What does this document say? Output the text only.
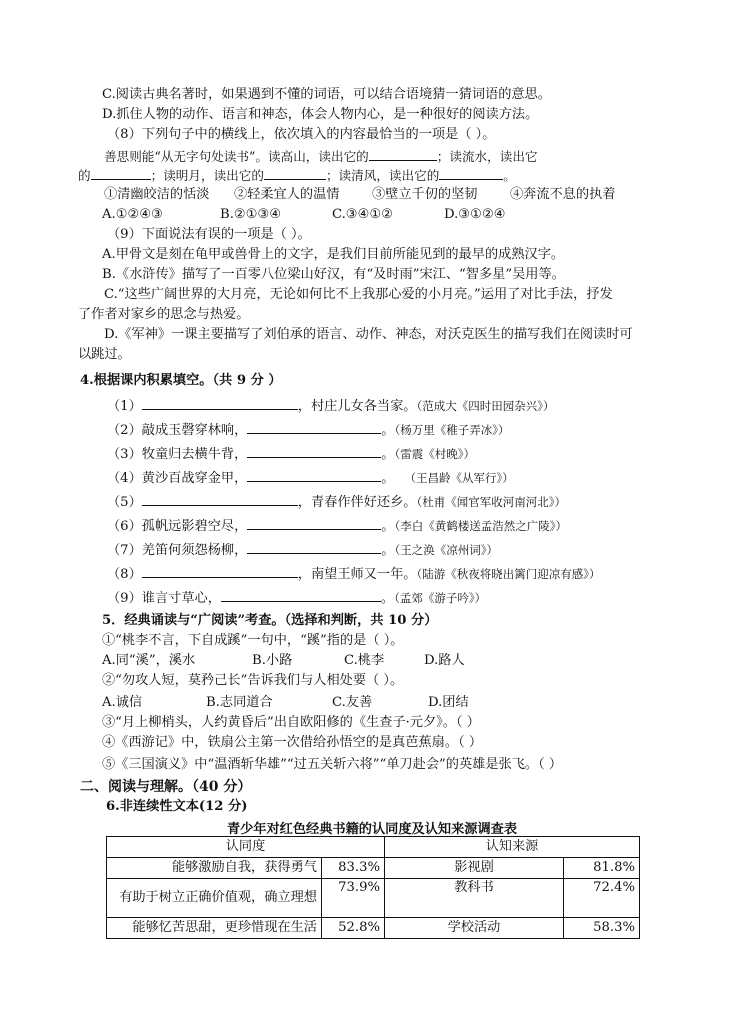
C.阅读古典名著时，如果遇到不懂的词语，可以结合语境猜一猜词语的意思。
D.抓住人物的动作、语言和神态，体会人物内心，是一种很好的阅读方法。
（8）下列句子中的横线上，依次填入的内容最恰当的一项是（ ）。
善思则能“从无字句处读书”。读高山，读出它的	；读流水，读出它
的	；读明月，读出它的	；读清风，读出它的	。
①清幽皎洁的恬淡 ②轻柔宜人的温情 ③壁立千仞的坚韧 ④奔流不息的执着
A.①②④③	B.②①③④	C.③④①②	D.③①②④
（9）下面说法有误的一项是（ ）。
A.甲骨文是刻在龟甲或兽骨上的文字，是我们目前所能见到的最早的成熟汉字。
B.《水浒传》描写了一百零八位梁山好汉，有“及时雨”宋江、“智多星”吴用等。
C.“这些广阔世界的大月亮，无论如何比不上我那心爱的小月亮。”运用了对比手法，抒发
了作者对家乡的思念与热爱。
D.《军神》一课主要描写了刘伯承的语言、动作、神态，对沃克医生的描写我们在阅读时可
以跳过。
4.根据课内积累填空。（共 9 分 ）
（1）	，村庄儿女各当家。（范成大《四时田园杂兴》）
（2）敲成玉磬穿林响，	。（杨万里《稚子弄冰》）
（3）牧童归去横牛背，	。（雷震《村晚》）
（4）黄沙百战穿金甲，	。 （王昌龄《从军行》）
（5）	，青春作伴好还乡。（杜甫《闻官军收河南河北》）
（6）孤帆远影碧空尽，	。（李白《黄鹤楼送孟浩然之广陵》）
（7）羌笛何须怨杨柳，	。（王之涣《凉州词》）
（8）	，南望王师又一年。（陆游《秋夜将晓出篱门迎凉有感》）
（9）谁言寸草心，	。（孟郊《游子吟》）
5．经典诵读与“广阅读”考查。（选择和判断，共 10 分）
①“桃李不言，下自成蹊”一句中，“蹊”指的是（ ）。
A.同“溪”，溪水	B.小路	C.桃李	D.路人
②“勿攻人短，莫矜己长”告诉我们与人相处要（ ）。
A.诚信	B.志同道合	C.友善	D.团结
③“月上柳梢头，人约黄昏后”出自欧阳修的《生查子·元夕》。（ ）
④《西游记》中，铁扇公主第一次借给孙悟空的是真芭蕉扇。（ ）
⑤《三国演义》中“温酒斩华雄”“过五关斩六将”“单刀赴会”的英雄是张飞。（ ）
二、阅读与理解。（40 分）
6.非连续性文本(12 分)
青少年对红色经典书籍的认同度及认知来源调查表
认同度		认知来源	
能够激励自我，获得勇气	83.3%	影视剧	81.8%
有助于树立正确价值观，确立理想	73.9%	教科书	72.4%
能够忆苦思甜，更珍惜现在生活	52.8%	学校活动	58.3%
